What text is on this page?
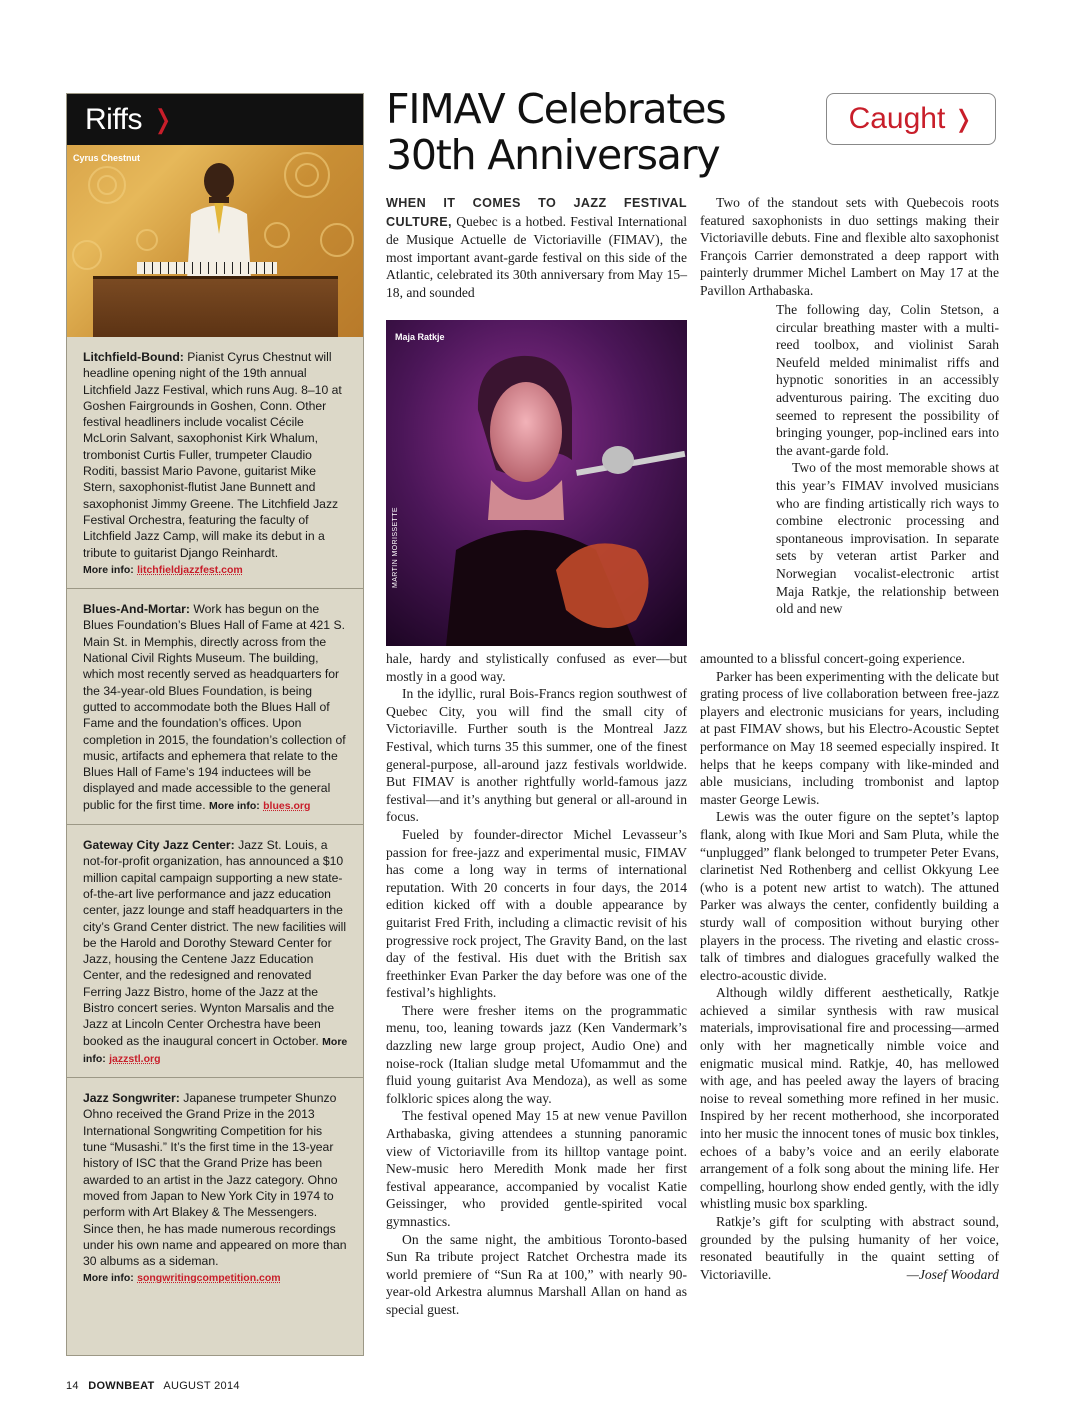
Riffs ❭
Cyrus Chestnut

Litchfield-Bound: Pianist Cyrus Chestnut will headline opening night of the 19th annual Litchfield Jazz Festival, which runs Aug. 8–10 at Goshen Fairgrounds in Goshen, Conn. Other festival headliners include vocalist Cécile McLorin Salvant, saxophonist Kirk Whalum, trombonist Curtis Fuller, trumpeter Claudio Roditi, bassist Mario Pavone, guitarist Mike Stern, saxophonist-flutist Jane Bunnett and saxophonist Jimmy Greene. The Litchfield Jazz Festival Orchestra, featuring the faculty of Litchfield Jazz Camp, will make its debut in a tribute to guitarist Django Reinhardt.

More info: litchfieldjazzfest.com

Blues-And-Mortar: Work has begun on the Blues Foundation’s Blues Hall of Fame at 421 S. Main St. in Memphis, directly across from the National Civil Rights Museum. The building, which most recently served as headquarters for the 34-year-old Blues Foundation, is being gutted to accommodate both the Blues Hall of Fame and the foundation’s offices. Upon completion in 2015, the foundation’s collection of music, artifacts and ephemera that relate to the Blues Hall of Fame’s 194 inductees will be displayed and made accessible to the general public for the first time. More info: blues.org

Gateway City Jazz Center: Jazz St. Louis, a not-for-profit organization, has announced a $10 million capital campaign supporting a new state-of-the-art live performance and jazz education center, jazz lounge and staff headquarters in the city’s Grand Center district. The new facilities will be the Harold and Dorothy Steward Center for Jazz, housing the Centene Jazz Education Center, and the redesigned and renovated Ferring Jazz Bistro, home of the Jazz at the Bistro concert series. Wynton Marsalis and the Jazz at Lincoln Center Orchestra have been booked as the inaugural concert in October. More info: jazzstl.org

Jazz Songwriter: Japanese trumpeter Shunzo Ohno received the Grand Prize in the 2013 International Songwriting Competition for his tune “Musashi.” It’s the first time in the 13-year history of ISC that the Grand Prize has been awarded to an artist in the Jazz category. Ohno moved from Japan to New York City in 1974 to perform with Art Blakey & The Messengers. Since then, he has made numerous recordings under his own name and appeared on more than 30 albums as a sideman.

More info: songwritingcompetition.com

FIMAV Celebrates
30th Anniversary
Caught ❭

WHEN IT COMES TO JAZZ FESTIVAL CULTURE, Quebec is a hotbed. Festival International de Musique Actuelle de Victoriaville (FIMAV), the most important avant-garde festival on this side of the Atlantic, celebrated its 30th anniversary from May 15–18, and sounded

Maja Ratkje
MARTIN MORISSETTE

hale, hardy and stylistically confused as ever—but mostly in a good way.

In the idyllic, rural Bois-Francs region southwest of Quebec City, you will find the small city of Victoriaville. Further south is the Montreal Jazz Festival, which turns 35 this summer, one of the finest general-purpose, all-around jazz festivals worldwide. But FIMAV is another rightfully world-famous jazz festival—and it’s anything but general or all-around in focus.

Fueled by founder-director Michel Levasseur’s passion for free-jazz and experimental music, FIMAV has come a long way in terms of international reputation. With 20 concerts in four days, the 2014 edition kicked off with a double appearance by guitarist Fred Frith, including a climactic revisit of his progressive rock project, The Gravity Band, on the last day of the festival. His duet with the British sax freethinker Evan Parker the day before was one of the festival’s highlights.

There were fresher items on the programmatic menu, too, leaning towards jazz (Ken Vandermark’s dazzling new large group project, Audio One) and noise-rock (Italian sludge metal Ufomammut and the fluid young guitarist Ava Mendoza), as well as some folkloric spices along the way.

The festival opened May 15 at new venue Pavillon Arthabaska, giving attendees a stunning panoramic view of Victoriaville from its hilltop vantage point. New-music hero Meredith Monk made her first festival appearance, accompanied by vocalist Katie Geissinger, who provided gentle-spirited vocal gymnastics.

On the same night, the ambitious Toronto-based Sun Ra tribute project Ratchet Orchestra made its world premiere of “Sun Ra at 100,” with nearly 90-year-old Arkestra alumnus Marshall Allan on hand as special guest.

Two of the standout sets with Quebecois roots featured saxophonists in duo settings making their Victoriaville debuts. Fine and flexible alto saxophonist François Carrier demonstrated a deep rapport with painterly drummer Michel Lambert on May 17 at the Pavillon Arthabaska.

The following day, Colin Stetson, a circular breathing master with a multi-reed toolbox, and violinist Sarah Neufeld melded minimalist riffs and hypnotic sonorities in an accessibly adventurous pairing. The exciting duo seemed to represent the possibility of bringing younger, pop-inclined ears into the avant-garde fold.

Two of the most memorable shows at this year’s FIMAV involved musicians who are finding artistically rich ways to combine electronic processing and spontaneous improvisation. In separate sets by veteran artist Parker and Norwegian vocalist-electronic artist Maja Ratkje, the relationship between old and new

amounted to a blissful concert-going experience.

Parker has been experimenting with the delicate but grating process of live collaboration between free-jazz players and electronic musicians for years, including at past FIMAV shows, but his Electro-Acoustic Septet performance on May 18 seemed especially inspired. It helps that he keeps company with like-minded and able musicians, including trombonist and laptop master George Lewis.

Lewis was the outer figure on the septet’s laptop flank, along with Ikue Mori and Sam Pluta, while the “unplugged” flank belonged to trumpeter Peter Evans, clarinetist Ned Rothenberg and cellist Okkyung Lee (who is a potent new artist to watch). The attuned Parker was always the center, confidently building a sturdy wall of composition without burying other players in the process. The riveting and elastic cross-talk of timbres and dialogues gracefully walked the electro-acoustic divide.

Although wildly different aesthetically, Ratkje achieved a similar synthesis with raw musical materials, improvisational fire and processing—armed only with her magnetically nimble voice and enigmatic musical mind. Ratkje, 40, has mellowed with age, and has peeled away the layers of bracing noise to reveal something more refined in her music. Inspired by her recent motherhood, she incorporated into her music the innocent tones of music box tinkles, echoes of a baby’s voice and an eerily elaborate arrangement of a folk song about the mining life. Her compelling, hourlong show ended gently, with the idly whistling music box sparkling.

Ratkje’s gift for sculpting with abstract sound, grounded by the pulsing humanity of her voice, resonated beautifully in the quaint setting of Victoriaville.	—Josef Woodard

14 DOWNBEAT AUGUST 2014
